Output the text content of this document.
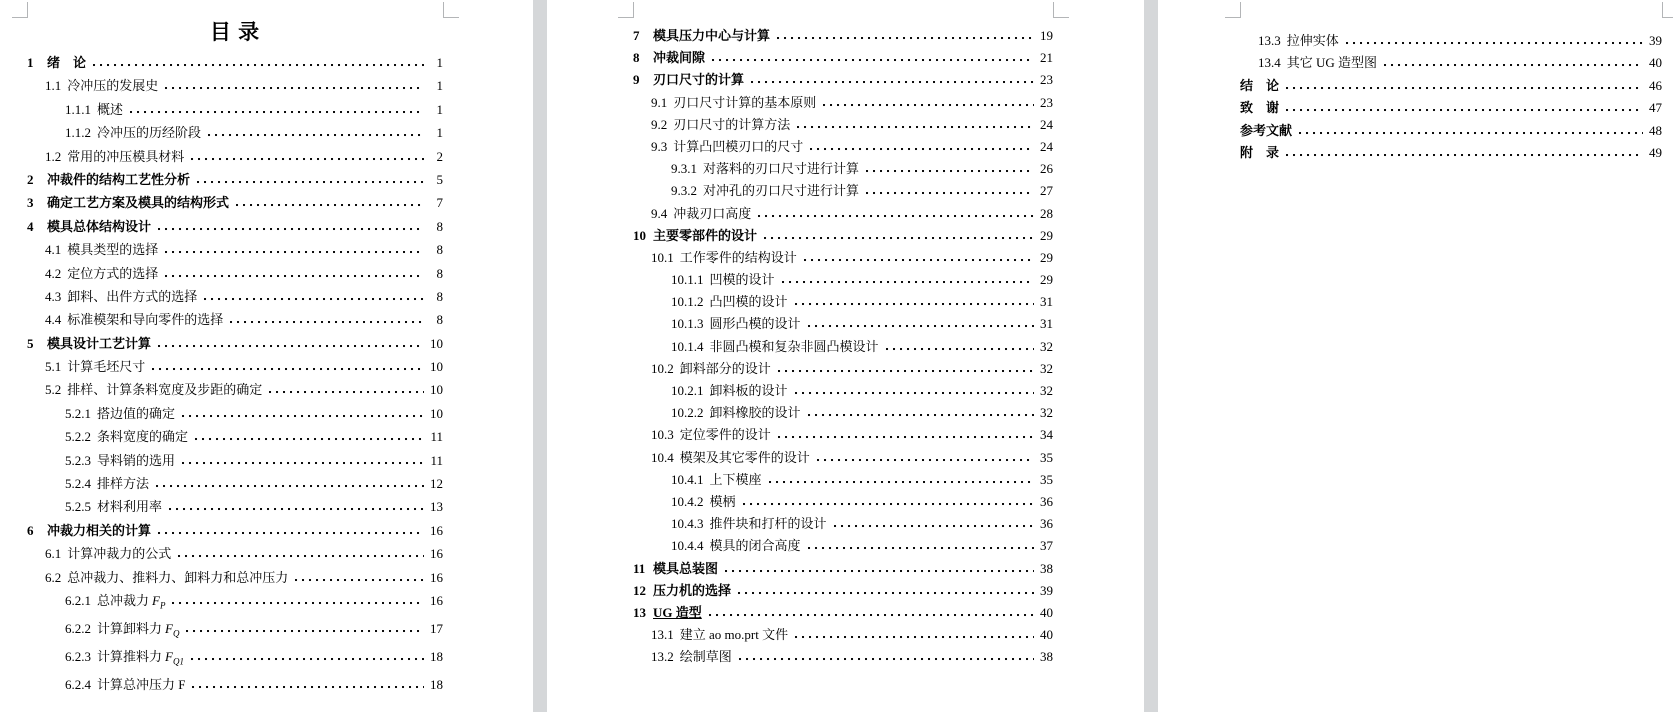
目 录
1	绪　论	1
1.1 冷冲压的发展史	1
1.1.1 概述	1
1.1.2 冷冲压的历经阶段	1
1.2 常用的冲压模具材料	2
2	冲裁件的结构工艺性分析	5
3	确定工艺方案及模具的结构形式	7
4	模具总体结构设计	8
4.1 模具类型的选择	8
4.2 定位方式的选择	8
4.3 卸料、出件方式的选择	8
4.4 标准模架和导向零件的选择	8
5	模具设计工艺计算	10
5.1 计算毛坯尺寸	10
5.2 排样、计算条料宽度及步距的确定	10
5.2.1 搭边值的确定	10
5.2.2 条料宽度的确定	11
5.2.3 导料销的选用	11
5.2.4 排样方法	12
5.2.5 材料利用率	13
6	冲裁力相关的计算	16
6.1 计算冲裁力的公式	16
6.2 总冲裁力、推料力、卸料力和总冲压力	16
6.2.1 总冲裁力 $F_P$	16
6.2.2 计算卸料力 $F_Q$	17
6.2.3 计算推料力 $F_{Q1}$	18
6.2.4 计算总冲压力 F	18
7	模具压力中心与计算	19
8	冲裁间隙	21
9	刃口尺寸的计算	23
9.1 刃口尺寸计算的基本原则	23
9.2 刃口尺寸的计算方法	24
9.3 计算凸凹模刃口的尺寸	24
9.3.1 对落料的刃口尺寸进行计算	26
9.3.2 对冲孔的刃口尺寸进行计算	27
9.4 冲裁刃口高度	28
10 主要零部件的设计	29
10.1 工作零件的结构设计	29
10.1.1 凹模的设计	29
10.1.2 凸凹模的设计	31
10.1.3 圆形凸模的设计	31
10.1.4 非圆凸模和复杂非圆凸模设计	32
10.2 卸料部分的设计	32
10.2.1 卸料板的设计	32
10.2.2 卸料橡胶的设计	32
10.3 定位零件的设计	34
10.4 模架及其它零件的设计	35
10.4.1 上下模座	35
10.4.2 模柄	36
10.4.3 推件块和打杆的设计	36
10.4.4 模具的闭合高度	37
11 模具总装图	38
12 压力机的选择	39
13 UG 造型	40
13.1 建立 ao mo.prt 文件	40
13.2 绘制草图	38
13.3 拉伸实体	39
13.4 其它 UG 造型图	40
结　论	46
致　谢	47
参考文献	48
附　录	49
